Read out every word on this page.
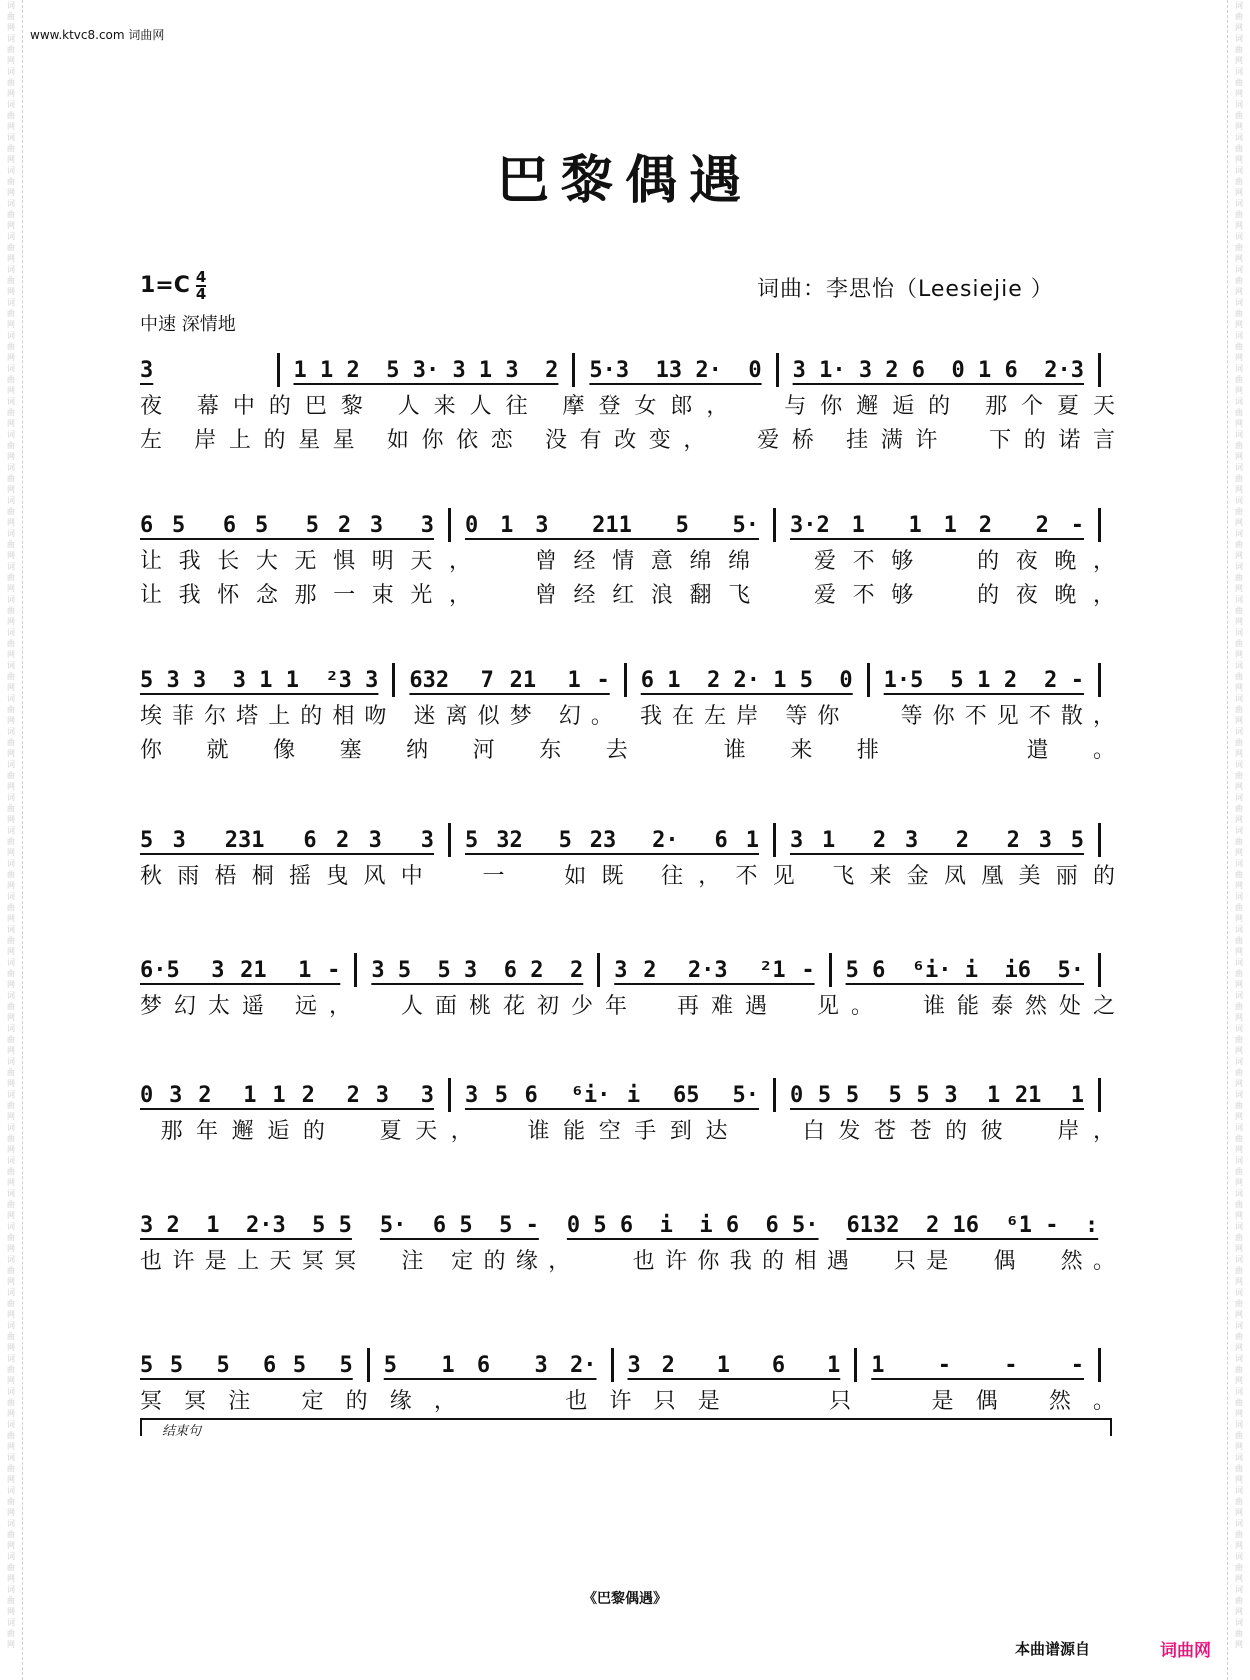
词
曲
网
词
曲
网
词
曲
网
词
曲
网
词
曲
网
词
曲
网
词
曲
网
词
曲
网
词
曲
网
词
曲
网
词
曲
网
词
曲
网
词
曲
网
词
曲
网
词
曲
网
词
曲
网
词
曲
网
词
曲
网
词
曲
网
词
曲
网
词
曲
网
词
曲
网
词
曲
网
词
曲
网
词
曲
网
词
曲
网
词
曲
网
词
曲
网
词
曲
网
词
曲
网
词
曲
网
词
曲
网
词
曲
网
词
曲
网
词
曲
网
词
曲
网
词
曲
网
词
曲
网
词
曲
网
词
曲
网
词
曲
网
词
曲
网
词
曲
网
词
曲
网
词
曲
网
词
曲
网
词
曲
网
词
曲
网
词
曲
网
词
曲
网
词
曲
网
词
曲
网
词
曲
网
词
曲
网
词
曲
网
词
曲
网
词
曲
网
词
曲
网
词
曲
网
词
曲
网
词
曲
网
词
曲
网
词
曲
网
词
曲
网
词
曲
网
词
曲
网
词
曲
网
词
曲
网
词
曲
网
词
曲
网
词
曲
网
词
曲
网
词
曲
网
词
曲
网
词
曲
网
词
曲
网
词
曲
网
词
曲
网
词
曲
网
词
曲
网
词
曲
网
词
曲
网
词
曲
网
词
曲
网
词
曲
网
词
曲
网
词
曲
网
词
曲
网
词
曲
网
词
曲
网
词
曲
网
词
曲
网
词
曲
网
词
曲
网
词
曲
网
词
曲
网
词
曲
网
词
曲
网
词
曲
网
词
曲
网
www.ktvc8.com 词曲网
巴黎偶遇
$1=C \frac{4}{4}$
中速 深情地
词曲：李思怡（Leesiejie ）
3	1 1 2  5 3· 3 1 3  2 5·3  13 2·  0 3 1· 3 2 6  0 1 6  2·3
夜 幕中的巴黎 人来人往 摩登女郎，  与你邂逅的 那个夏天
左 岸上的星星 如你依恋 没有改变，  爱桥 挂满许  下的诺言
6 5  6 5  5 2 3  3 0 1 3  211  5  5· 3·2 1  1 1 2  2 -
让我长大无惧明天，  曾经情意绵绵  爱不够  的夜晚，
让我怀念那一束光，  曾经红浪翻飞  爱不够  的夜晚，
5 3 3  3 1 1  ²3 3 632  7 21  1 - 6 1  2 2· 1 5  0 1·5  5 1 2  2 -
埃菲尔塔上的相吻 迷离似梦 幻。 我在左岸 等你   等你不见不散，
你就像塞纳河东去 谁来排  遣。
5 3  231  6 2 3  3 5 32  5 23  2·  6 1 3 1  2 3  2  2 3 5
秋雨梧桐摇曳风中  一  如既 往，不见 飞来金凤凰美丽的
6·5  3 21  1 - 3 5  5 3  6 2  2 3 2  2·3  ²1 - 5 6  ⁶i· i  i6  5·
梦幻太遥 远，  人面桃花初少年  再难遇  见。  谁能泰然处之
0 3 2  1 1 2  2 3  3 3 5 6  ⁶i· i  65  5· 0 5 5  5 5 3  1 21  1
那年邂逅的  夏天，  谁能空手到达   白发苍苍的彼  岸，
3 2  1  2·3  5 5 5·  6 5  5 - 0 5 6  i  i 6  6 5· 6132  2 16  ⁶1 -  :
也许是上天冥冥  注 定的缘，   也许你我的相遇  只是  偶  然。
5 5  5  6 5  5 5  1 6  3 2· 3 2  1  6  1 1 - - -
冥冥注 定的缘，   也许只是   只  是偶 然。
结束句
《巴黎偶遇》
本曲谱源自	词曲网
